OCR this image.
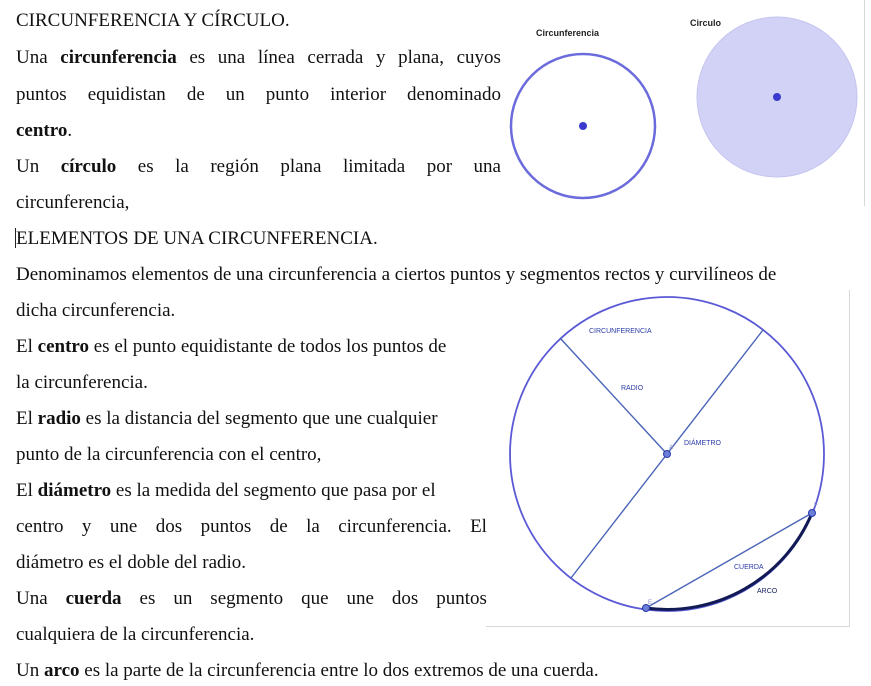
CIRCUNFERENCIA Y CÍRCULO.
Una circunferencia es una línea cerrada y plana, cuyos
puntos equidistan de un punto interior denominado
centro.
Un círculo es la región plana limitada por una
circunferencia,
ELEMENTOS DE UNA CIRCUNFERENCIA.
Denominamos elementos de una circunferencia a ciertos puntos y segmentos rectos y curvilíneos de
dicha circunferencia.
El centro es el punto equidistante de todos los puntos de
la circunferencia.
El radio es la distancia del segmento que une cualquier
punto de la circunferencia con el centro,
El diámetro es la medida del segmento que pasa por el
centro y une dos puntos de la circunferencia. El
diámetro es el doble del radio.
Una cuerda es un segmento que une dos puntos
cualquiera de la circunferencia.
Un arco es la parte de la circunferencia entre lo dos extremos de una cuerda.
Circunferencia
Circulo
CIRCUNFERENCIA
RADIO
DIÁMETRO
CUERDA
ARCO
E
F
A
